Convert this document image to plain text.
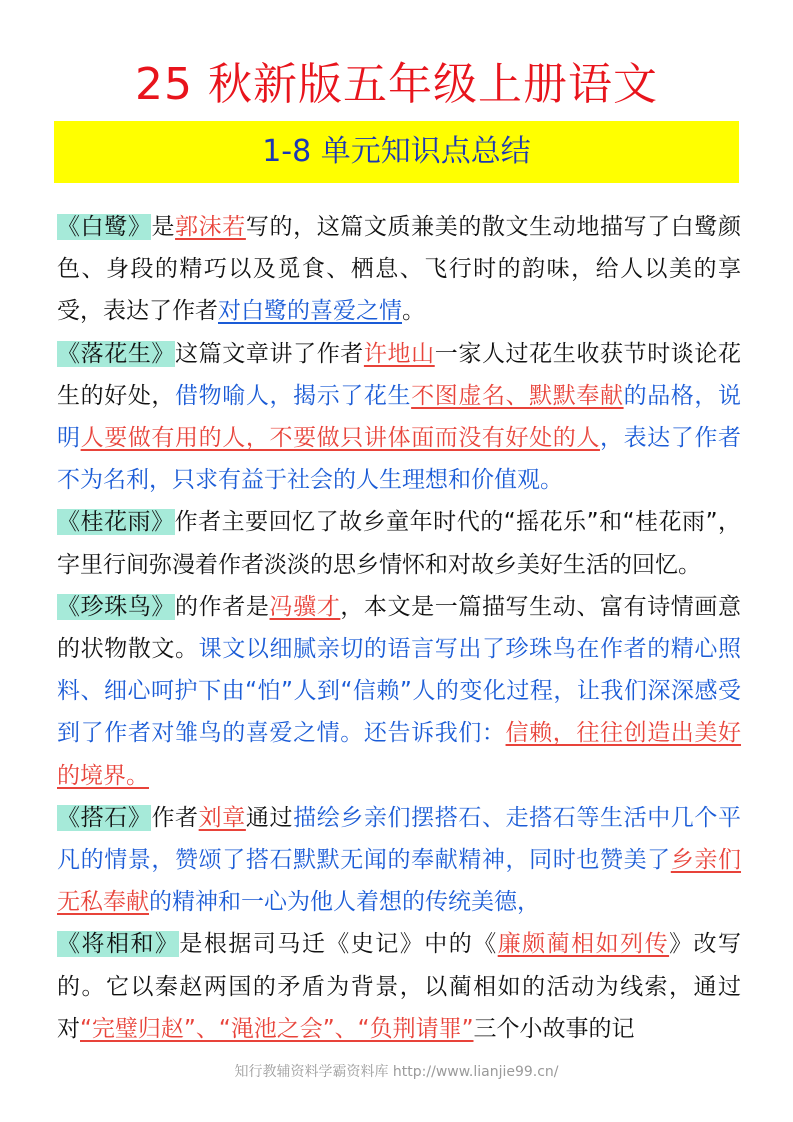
25 秋新版五年级上册语文
1-8 单元知识点总结

《白鹭》是郭沫若写的，这篇文质兼美的散文生动地描写了白鹭颜色、身段的精巧以及觅食、栖息、飞行时的韵味，给人以美的享受，表达了作者对白鹭的喜爱之情。

《落花生》这篇文章讲了作者许地山一家人过花生收获节时谈论花生的好处，借物喻人，揭示了花生不图虚名、默默奉献的品格，说明人要做有用的人，不要做只讲体面而没有好处的人，表达了作者不为名利，只求有益于社会的人生理想和价值观。

《桂花雨》作者主要回忆了故乡童年时代的“摇花乐”和“桂花雨”，字里行间弥漫着作者淡淡的思乡情怀和对故乡美好生活的回忆。

《珍珠鸟》的作者是冯骥才，本文是一篇描写生动、富有诗情画意的状物散文。课文以细腻亲切的语言写出了珍珠鸟在作者的精心照料、细心呵护下由“怕”人到“信赖”人的变化过程，让我们深深感受到了作者对雏鸟的喜爱之情。还告诉我们：信赖，往往创造出美好的境界。

《搭石》作者刘章通过描绘乡亲们摆搭石、走搭石等生活中几个平凡的情景，赞颂了搭石默默无闻的奉献精神，同时也赞美了乡亲们无私奉献的精神和一心为他人着想的传统美德，

《将相和》是根据司马迁《史记》中的《廉颇蔺相如列传》改写的。它以秦赵两国的矛盾为背景，以蔺相如的活动为线索，通过对“完璧归赵”、“渑池之会”、“负荆请罪”三个小故事的记

知行教辅资料学霸资料库 http://www.lianjie99.cn/
